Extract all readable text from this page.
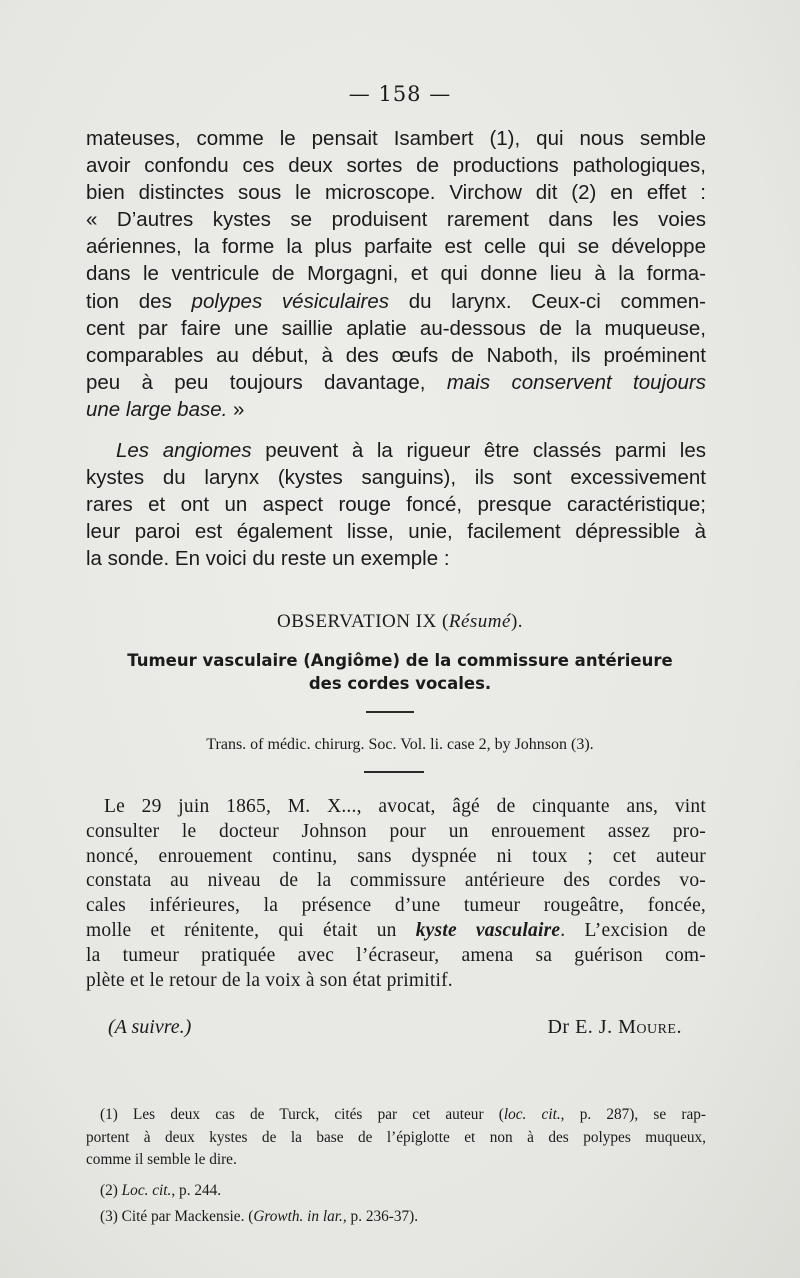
— 158 —
mateuses, comme le pensait Isambert (1), qui nous semble
avoir confondu ces deux sortes de productions pathologiques,
bien distinctes sous le microscope. Virchow dit (2) en effet :
« D’autres kystes se produisent rarement dans les voies
aériennes, la forme la plus parfaite est celle qui se développe
dans le ventricule de Morgagni, et qui donne lieu à la forma-
tion des polypes vésiculaires du larynx. Ceux-ci commen-
cent par faire une saillie aplatie au-dessous de la muqueuse,
comparables au début, à des œufs de Naboth, ils proéminent
peu à peu toujours davantage, mais conservent toujours
une large base. »
Les angiomes peuvent à la rigueur être classés parmi les
kystes du larynx (kystes sanguins), ils sont excessivement
rares et ont un aspect rouge foncé, presque caractéristique;
leur paroi est également lisse, unie, facilement dépressible à
la sonde. En voici du reste un exemple :
OBSERVATION IX (Résumé).
Tumeur vasculaire (Angiôme) de la commissure antérieure
des cordes vocales.
Trans. of médic. chirurg. Soc. Vol. li. case 2, by Johnson (3).
Le 29 juin 1865, M. X..., avocat, âgé de cinquante ans, vint
consulter le docteur Johnson pour un enrouement assez pro-
noncé, enrouement continu, sans dyspnée ni toux ; cet auteur
constata au niveau de la commissure antérieure des cordes vo-
cales inférieures, la présence d’une tumeur rougeâtre, foncée,
molle et rénitente, qui était un kyste vasculaire. L’excision de
la tumeur pratiquée avec l’écraseur, amena sa guérison com-
plète et le retour de la voix à son état primitif.
(A suivre.)	Dr E. J. Moure.
(1) Les deux cas de Turck, cités par cet auteur (loc. cit., p. 287), se rap-
portent à deux kystes de la base de l’épiglotte et non à des polypes muqueux,
comme il semble le dire.

(2) Loc. cit., p. 244.

(3) Cité par Mackensie. (Growth. in lar., p. 236-37).
